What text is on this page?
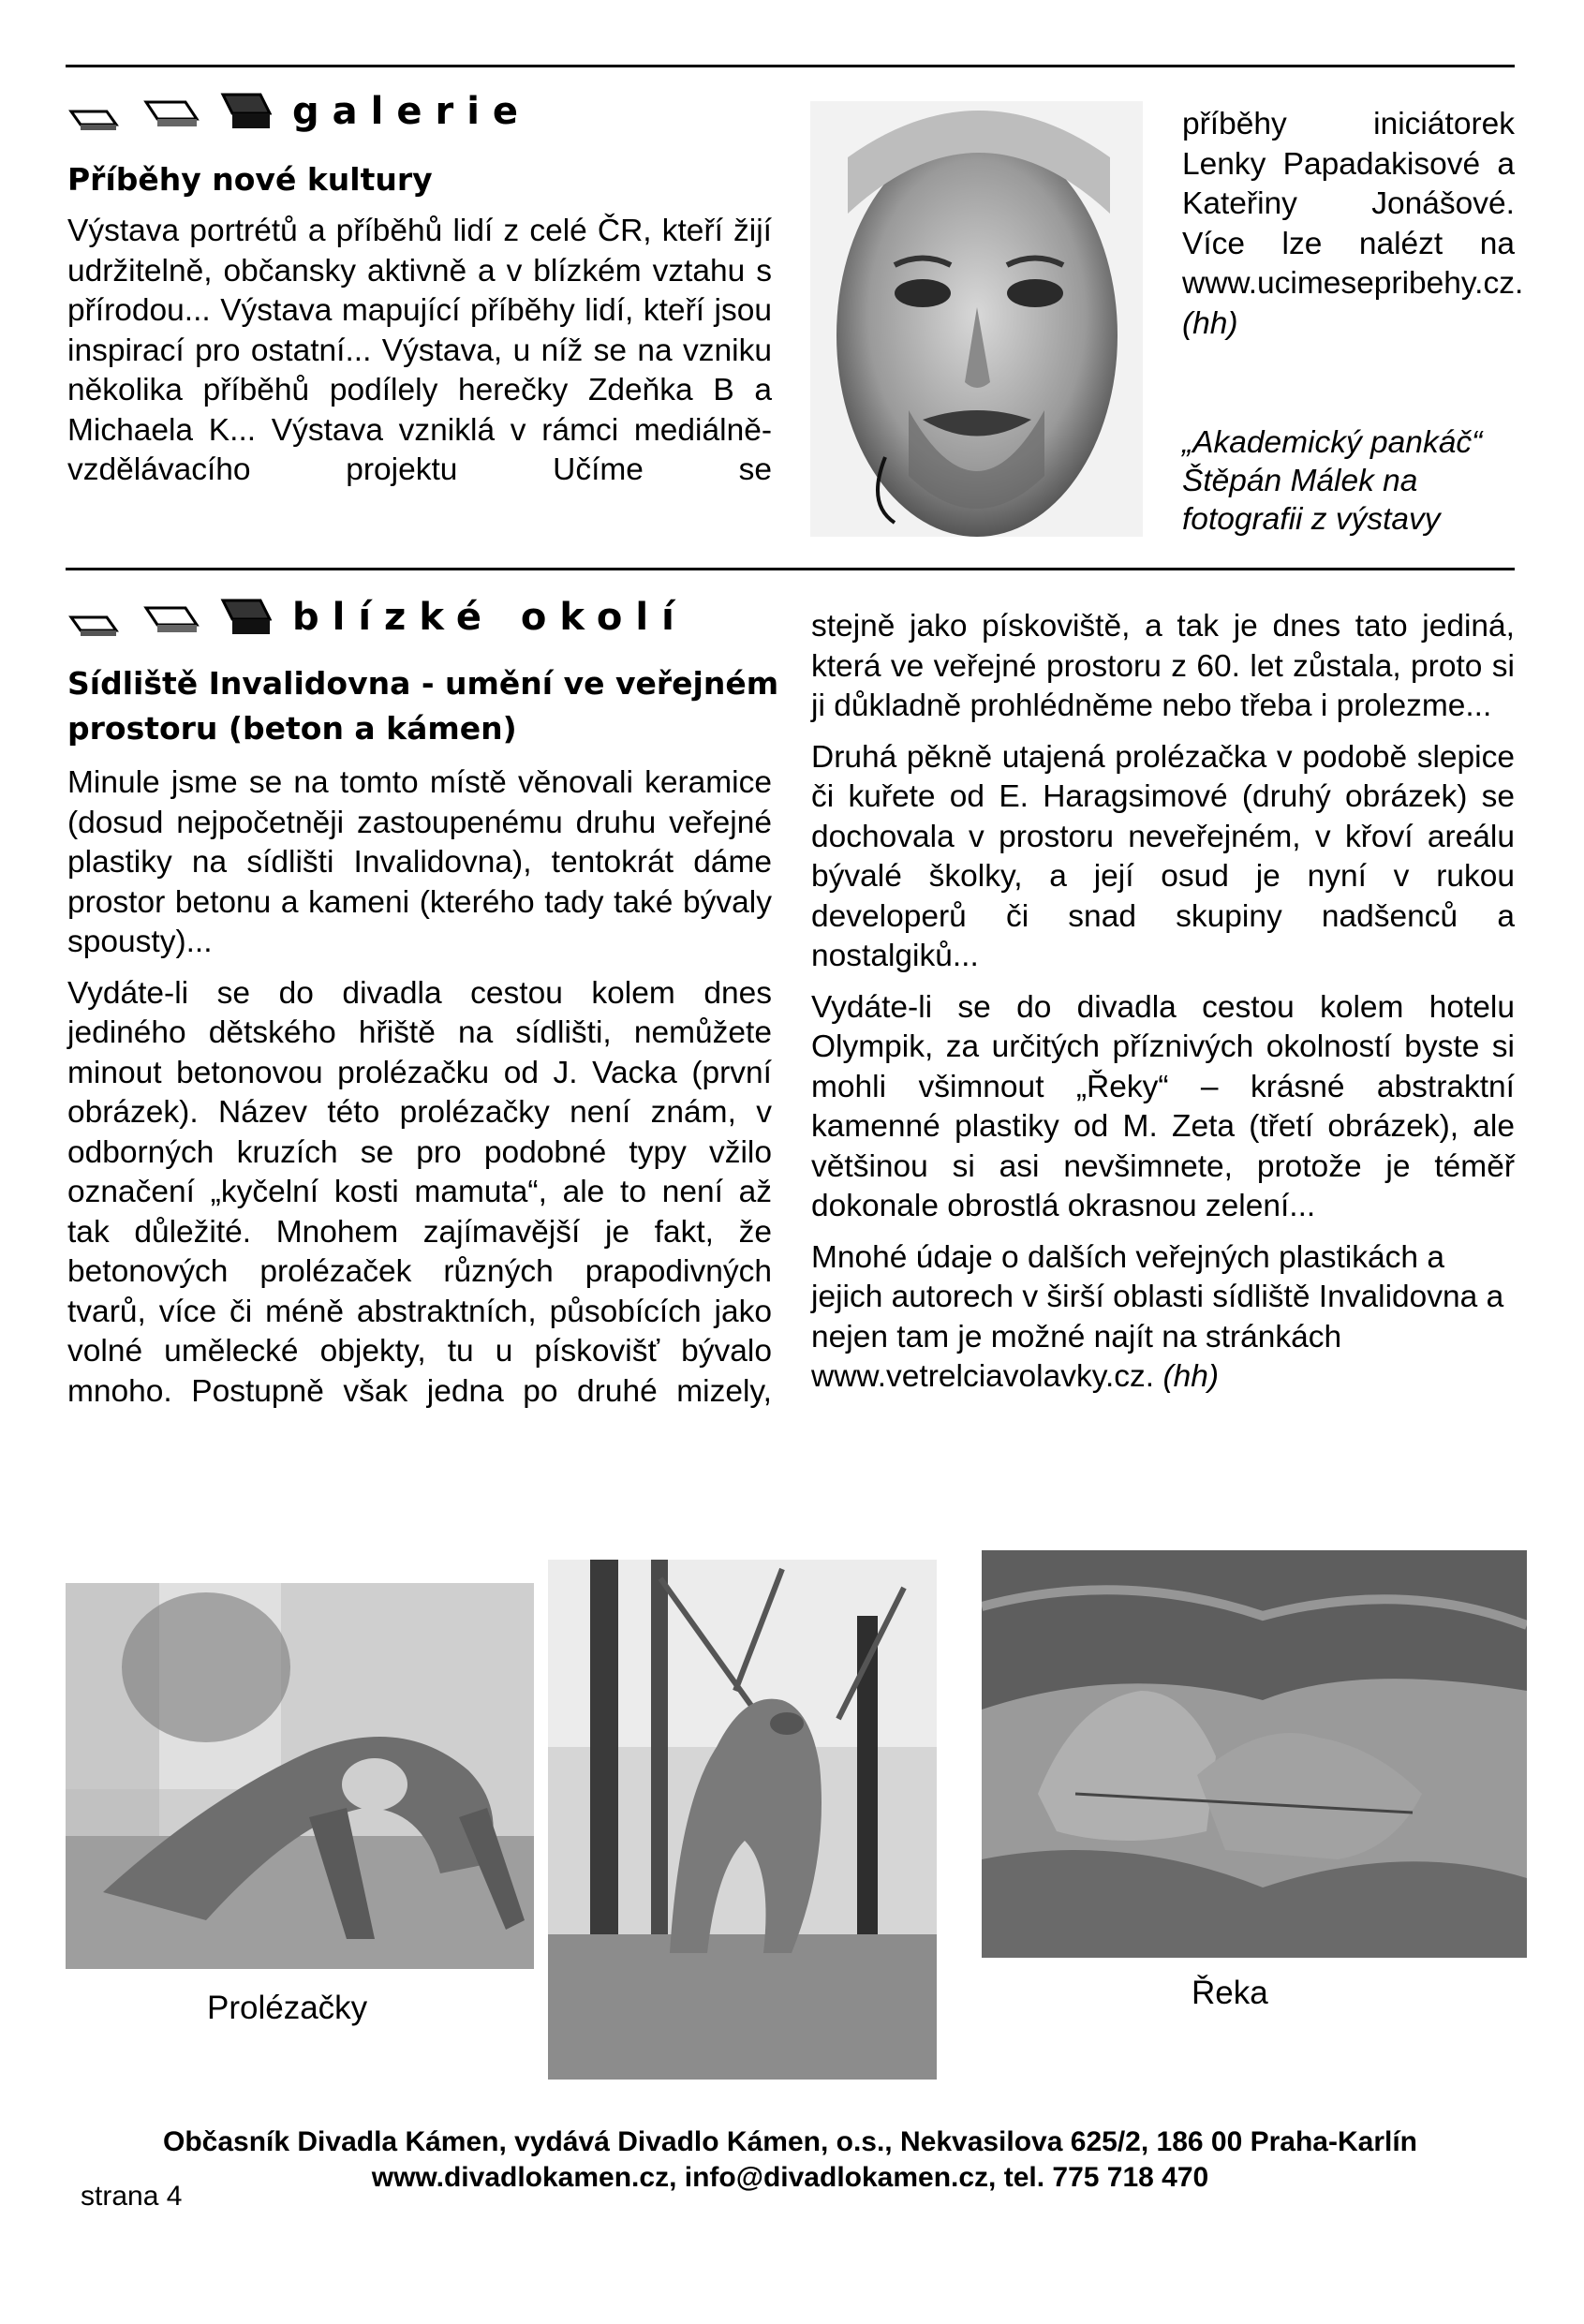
galerie
Příběhy nové kultury

Výstava portrétů a příběhů lidí z celé ČR, kteří žijí udržitelně, občansky aktivně a v blízkém vztahu s přírodou... Výstava mapující příběhy lidí, kteří jsou inspirací pro ostatní... Výstava, u níž se na vzniku několika příběhů podílely herečky Zdeňka B a Michaela K... Výstava vzniklá v rámci mediálně-vzdělávacího projektu Učíme se

příběhy iniciátorek Lenky Papadakisové a Kateřiny Jonášové. Více lze nalézt na www.ucimesepribehy.cz. (hh)

„Akademický pankáč“ Štěpán Málek na fotografii z výstavy
blízké okolí
Sídliště Invalidovna - umění ve veřejném prostoru (beton a kámen)

Minule jsme se na tomto místě věnovali keramice (dosud nejpočetněji zastoupenému druhu veřejné plastiky na sídlišti Invalidovna), tentokrát dáme prostor betonu a kameni (kterého tady také bývaly spousty)...

Vydáte-li se do divadla cestou kolem dnes jediného dětského hřiště na sídlišti, nemůžete minout betonovou prolézačku od J. Vacka (první obrázek). Název této prolézačky není znám, v odborných kruzích se pro podobné typy vžilo označení „kyčelní kosti mamuta“, ale to není až tak důležité. Mnohem zajímavější je fakt, že betonových prolézaček různých prapodivných tvarů, více či méně abstraktních, působících jako volné umělecké objekty, tu u pískovišť bývalo mnoho. Postupně však jedna po druhé mizely,

stejně jako pískoviště, a tak je dnes tato jediná, která ve veřejné prostoru z 60. let zůstala, proto si ji důkladně prohlédněme nebo třeba i prolezme...

Druhá pěkně utajená prolézačka v podobě slepice či kuřete od E. Haragsimové (druhý obrázek) se dochovala v prostoru neveřejném, v křoví areálu bývalé školky, a její osud je nyní v rukou developerů či snad skupiny nadšenců a nostalgiků...

Vydáte-li se do divadla cestou kolem hotelu Olympik, za určitých příznivých okolností byste si mohli všimnout „Řeky“ – krásné abstraktní kamenné plastiky od M. Zeta (třetí obrázek), ale většinou si asi nevšimnete, protože je téměř dokonale obrostlá okrasnou zelení...

Mnohé údaje o dalších veřejných plastikách a jejich autorech v širší oblasti sídliště Invalidovna a nejen tam je možné najít na stránkách www.vetrelciavolavky.cz. (hh)

Prolézačky	Řeka
Občasník Divadla Kámen, vydává Divadlo Kámen, o.s., Nekvasilova 625/2, 186 00 Praha-Karlín
www.divadlokamen.cz, info@divadlokamen.cz, tel. 775 718 470
strana 4
